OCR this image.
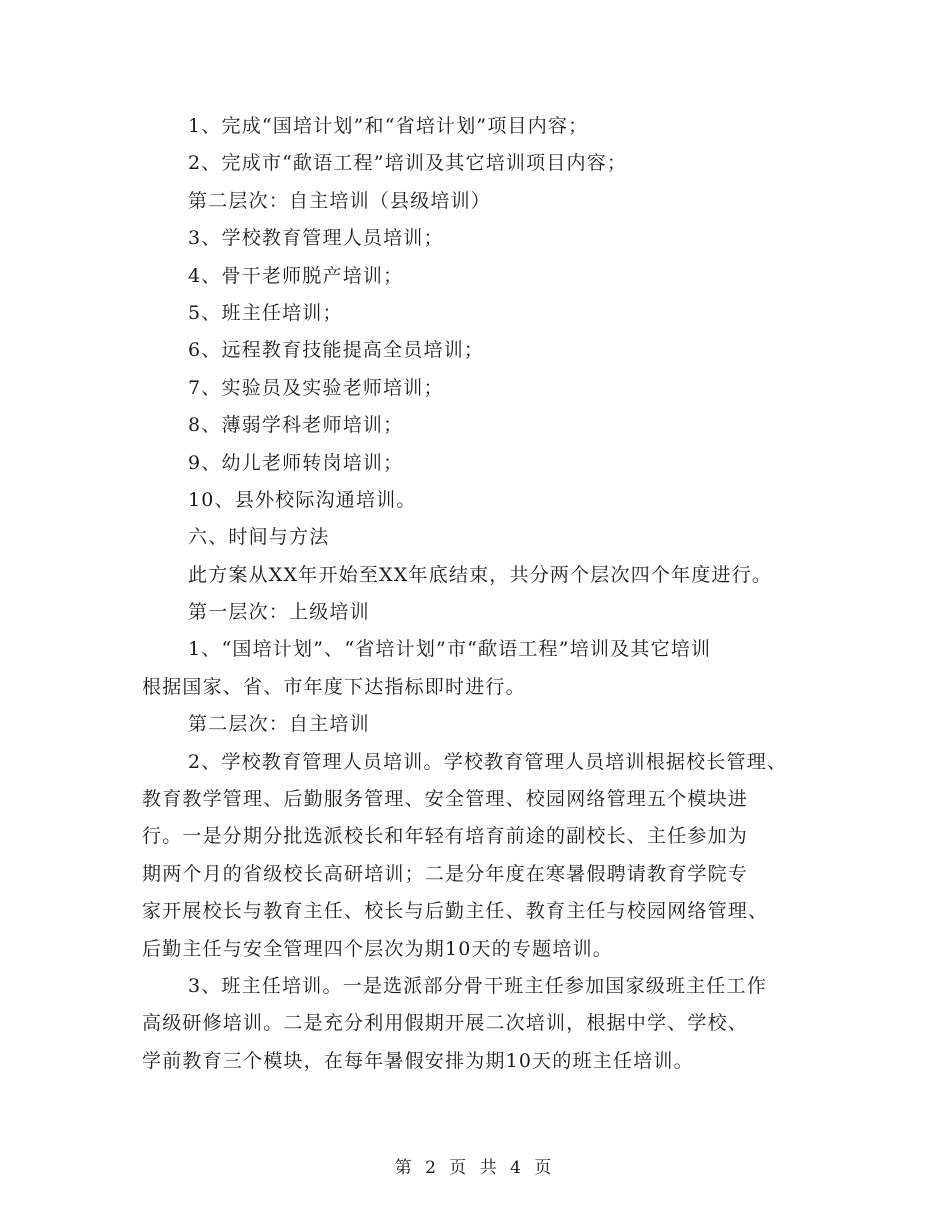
1、完成“国培计划”和“省培计划”项目内容；
2、完成市“歃语工程”培训及其它培训项目内容；
第二层次：自主培训（县级培训）
3、学校教育管理人员培训；
4、骨干老师脱产培训；
5、班主任培训；
6、远程教育技能提高全员培训；
7、实验员及实验老师培训；
8、薄弱学科老师培训；
9、幼儿老师转岗培训；
10、县外校际沟通培训。
六、时间与方法
此方案从XX年开始至XX年底结束，共分两个层次四个年度进行。
第一层次：上级培训
1、“国培计划”、“省培计划”市“歃语工程”培训及其它培训
根据国家、省、市年度下达指标即时进行。
第二层次：自主培训
2、学校教育管理人员培训。学校教育管理人员培训根据校长管理、
教育教学管理、后勤服务管理、安全管理、校园网络管理五个模块进
行。一是分期分批选派校长和年轻有培育前途的副校长、主任参加为
期两个月的省级校长高研培训；二是分年度在寒暑假聘请教育学院专
家开展校长与教育主任、校长与后勤主任、教育主任与校园网络管理、
后勤主任与安全管理四个层次为期10天的专题培训。
3、班主任培训。一是选派部分骨干班主任参加国家级班主任工作
高级研修培训。二是充分利用假期开展二次培训，根据中学、学校、
学前教育三个模块，在每年暑假安排为期10天的班主任培训。
第 2 页 共 4 页
